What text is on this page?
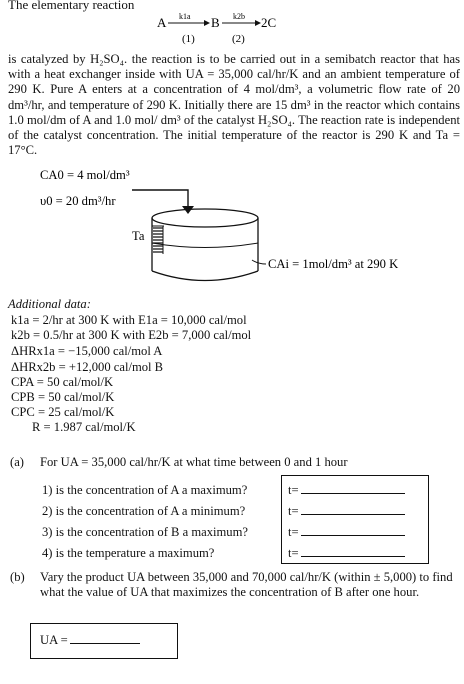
The elementary reaction
A k1a
(1)
B k2b
(2)
2C
is catalyzed by H₂SO₄. the reaction is to be carried out in a semibatch reactor that has with a heat exchanger inside with UA = 35,000 cal/hr/K and an ambient temperature of 290 K. Pure A enters at a concentration of 4 mol/dm³, a volumetric flow rate of 20 dm³/hr, and temperature of 290 K. Initially there are 15 dm³ in the reactor which contains 1.0 mol/dm of A and 1.0 mol/ dm³ of the catalyst H₂SO₄. The reaction rate is independent of the catalyst concentration. The initial temperature of the reactor is 290 K and Ta = 17°C.
CA0 = 4 mol/dm³
υ0 = 20 dm³/hr
Ta
CAi = 1mol/dm³ at 290 K
Additional data:
k1a = 2/hr at 300 K with E1a = 10,000 cal/mol
k2b = 0.5/hr at 300 K with E2b = 7,000 cal/mol
ΔHRx1a = −15,000 cal/mol A
ΔHRx2b = +12,000 cal/mol B
CPA = 50 cal/mol/K
CPB = 50 cal/mol/K
CPC = 25 cal/mol/K
R = 1.987 cal/mol/K
(a) For UA = 35,000 cal/hr/K at what time between 0 and 1 hour
1) is the concentration of A a maximum?
2) is the concentration of A a minimum?
3) is the concentration of B a maximum?
4) is the temperature a maximum?
t=
t=
t=
t=
(b) Vary the product UA between 35,000 and 70,000 cal/hr/K (within ± 5,000) to find what the value of UA that maximizes the concentration of B after one hour.
UA =
